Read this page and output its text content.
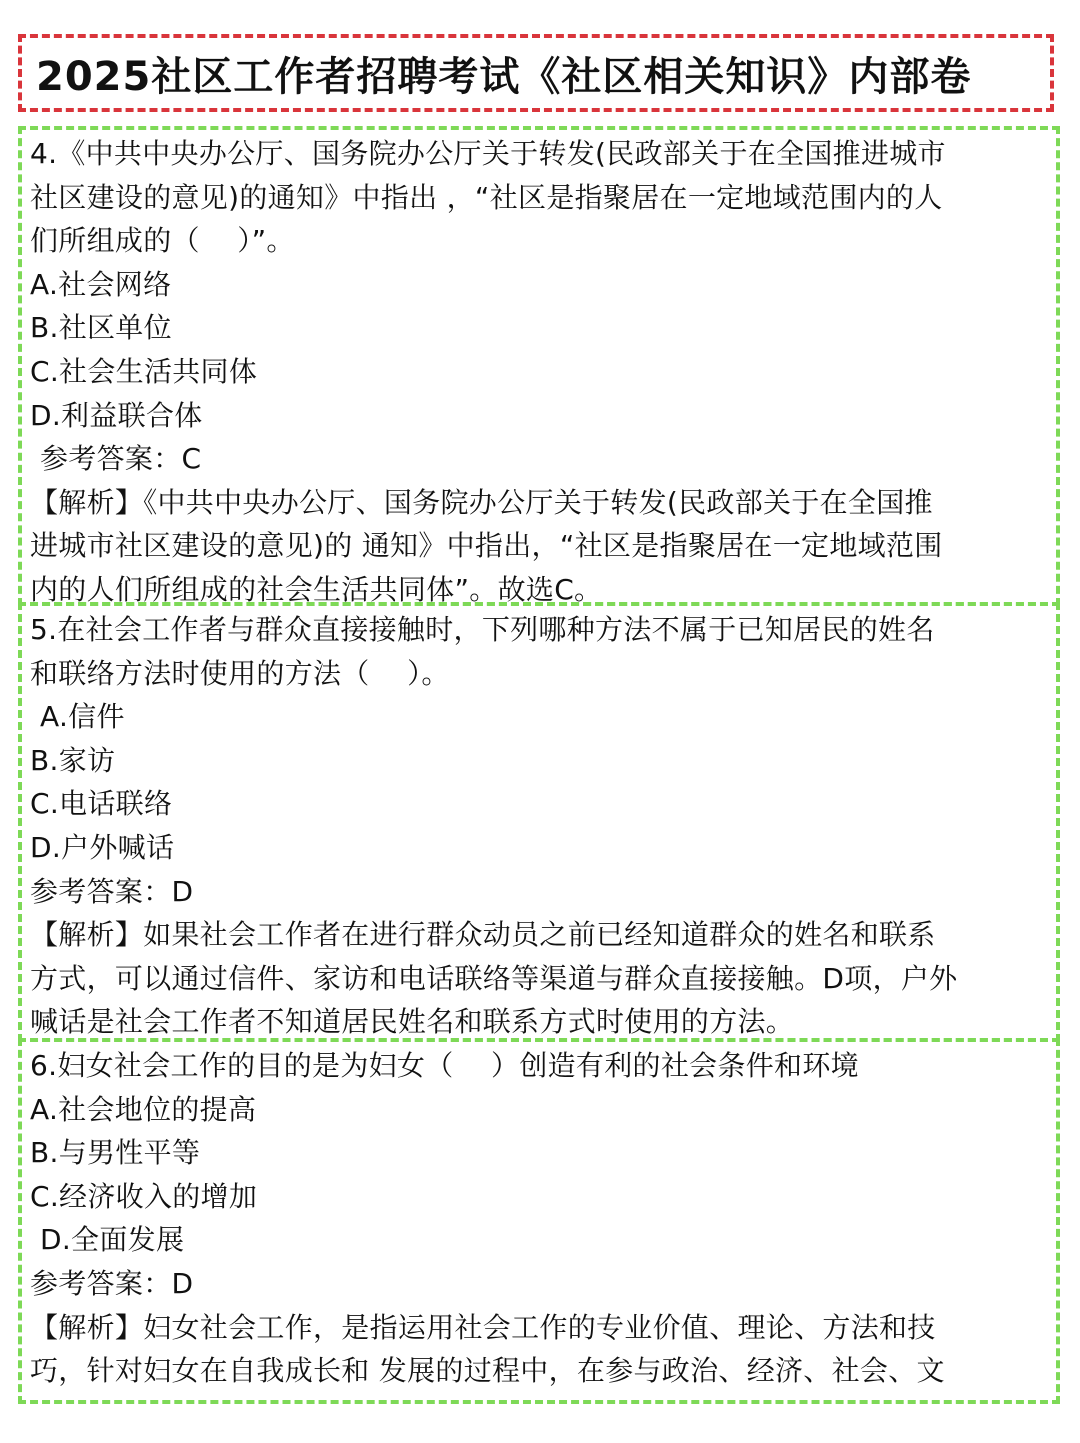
2025社区工作者招聘考试《社区相关知识》内部卷
4.《中共中央办公厅、国务院办公厅关于转发(民政部关于在全国推进城市
社区建设的意见)的通知》中指出 ，“社区是指聚居在一定地域范围内的人
们所组成的（　 ）”。
A.社会网络
B.社区单位
C.社会生活共同体
D.利益联合体
参考答案：C
【解析】《中共中央办公厅、国务院办公厅关于转发(民政部关于在全国推
进城市社区建设的意见)的 通知》中指出，“社区是指聚居在一定地域范围
内的人们所组成的社会生活共同体”。故选C。
5.在社会工作者与群众直接接触时，下列哪种方法不属于已知居民的姓名
和联络方法时使用的方法（　 ）。
A.信件
B.家访
C.电话联络
D.户外喊话
参考答案：D
【解析】如果社会工作者在进行群众动员之前已经知道群众的姓名和联系
方式，可以通过信件、家访和电话联络等渠道与群众直接接触。D项，户外
喊话是社会工作者不知道居民姓名和联系方式时使用的方法。
6.妇女社会工作的目的是为妇女（　 ）创造有利的社会条件和环境
A.社会地位的提高
B.与男性平等
C.经济收入的增加
D.全面发展
参考答案：D
【解析】妇女社会工作，是指运用社会工作的专业价值、理论、方法和技
巧，针对妇女在自我成长和 发展的过程中，在参与政治、经济、社会、文
